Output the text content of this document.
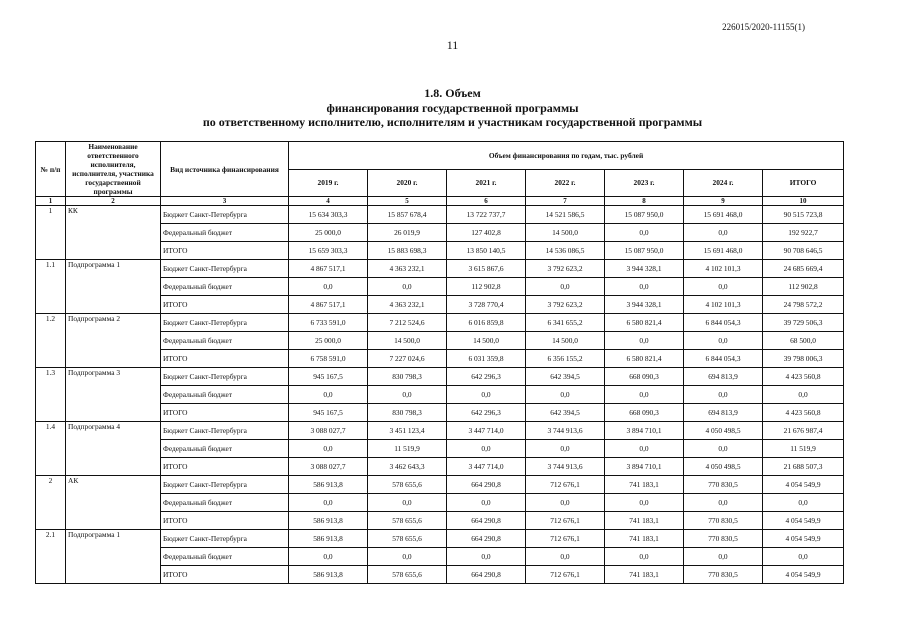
226015/2020-11155(1)
11
1.8. Объем
финансирования государственной программы
по ответственному исполнителю, исполнителям и участникам государственной программы
№ п/п	Наименование ответственного исполнителя, исполнителя, участника государственной программы	Вид источника финансирования	Объем финансирования по годам, тыс. рублей						
			2019 г.	2020 г.	2021 г.	2022 г.	2023 г.	2024 г.	ИТОГО
1	2	3	4	5	6	7	8	9	10
1	КК	Бюджет Санкт-Петербурга	15 634 303,3	15 857 678,4	13 722 737,7	14 521 586,5	15 087 950,0	15 691 468,0	90 515 723,8
		Федеральный бюджет	25 000,0	26 019,9	127 402,8	14 500,0	0,0	0,0	192 922,7
		ИТОГО	15 659 303,3	15 883 698,3	13 850 140,5	14 536 086,5	15 087 950,0	15 691 468,0	90 708 646,5
1.1	Подпрограмма 1	Бюджет Санкт-Петербурга	4 867 517,1	4 363 232,1	3 615 867,6	3 792 623,2	3 944 328,1	4 102 101,3	24 685 669,4
		Федеральный бюджет	0,0	0,0	112 902,8	0,0	0,0	0,0	112 902,8
		ИТОГО	4 867 517,1	4 363 232,1	3 728 770,4	3 792 623,2	3 944 328,1	4 102 101,3	24 798 572,2
1.2	Подпрограмма 2	Бюджет Санкт-Петербурга	6 733 591,0	7 212 524,6	6 016 859,8	6 341 655,2	6 580 821,4	6 844 054,3	39 729 506,3
		Федеральный бюджет	25 000,0	14 500,0	14 500,0	14 500,0	0,0	0,0	68 500,0
		ИТОГО	6 758 591,0	7 227 024,6	6 031 359,8	6 356 155,2	6 580 821,4	6 844 054,3	39 798 006,3
1.3	Подпрограмма 3	Бюджет Санкт-Петербурга	945 167,5	830 798,3	642 296,3	642 394,5	668 090,3	694 813,9	4 423 560,8
		Федеральный бюджет	0,0	0,0	0,0	0,0	0,0	0,0	0,0
		ИТОГО	945 167,5	830 798,3	642 296,3	642 394,5	668 090,3	694 813,9	4 423 560,8
1.4	Подпрограмма 4	Бюджет Санкт-Петербурга	3 088 027,7	3 451 123,4	3 447 714,0	3 744 913,6	3 894 710,1	4 050 498,5	21 676 987,4
		Федеральный бюджет	0,0	11 519,9	0,0	0,0	0,0	0,0	11 519,9
		ИТОГО	3 088 027,7	3 462 643,3	3 447 714,0	3 744 913,6	3 894 710,1	4 050 498,5	21 688 507,3
2	АК	Бюджет Санкт-Петербурга	586 913,8	578 655,6	664 290,8	712 676,1	741 183,1	770 830,5	4 054 549,9
		Федеральный бюджет	0,0	0,0	0,0	0,0	0,0	0,0	0,0
		ИТОГО	586 913,8	578 655,6	664 290,8	712 676,1	741 183,1	770 830,5	4 054 549,9
2.1	Подпрограмма 1	Бюджет Санкт-Петербурга	586 913,8	578 655,6	664 290,8	712 676,1	741 183,1	770 830,5	4 054 549,9
		Федеральный бюджет	0,0	0,0	0,0	0,0	0,0	0,0	0,0
		ИТОГО	586 913,8	578 655,6	664 290,8	712 676,1	741 183,1	770 830,5	4 054 549,9
